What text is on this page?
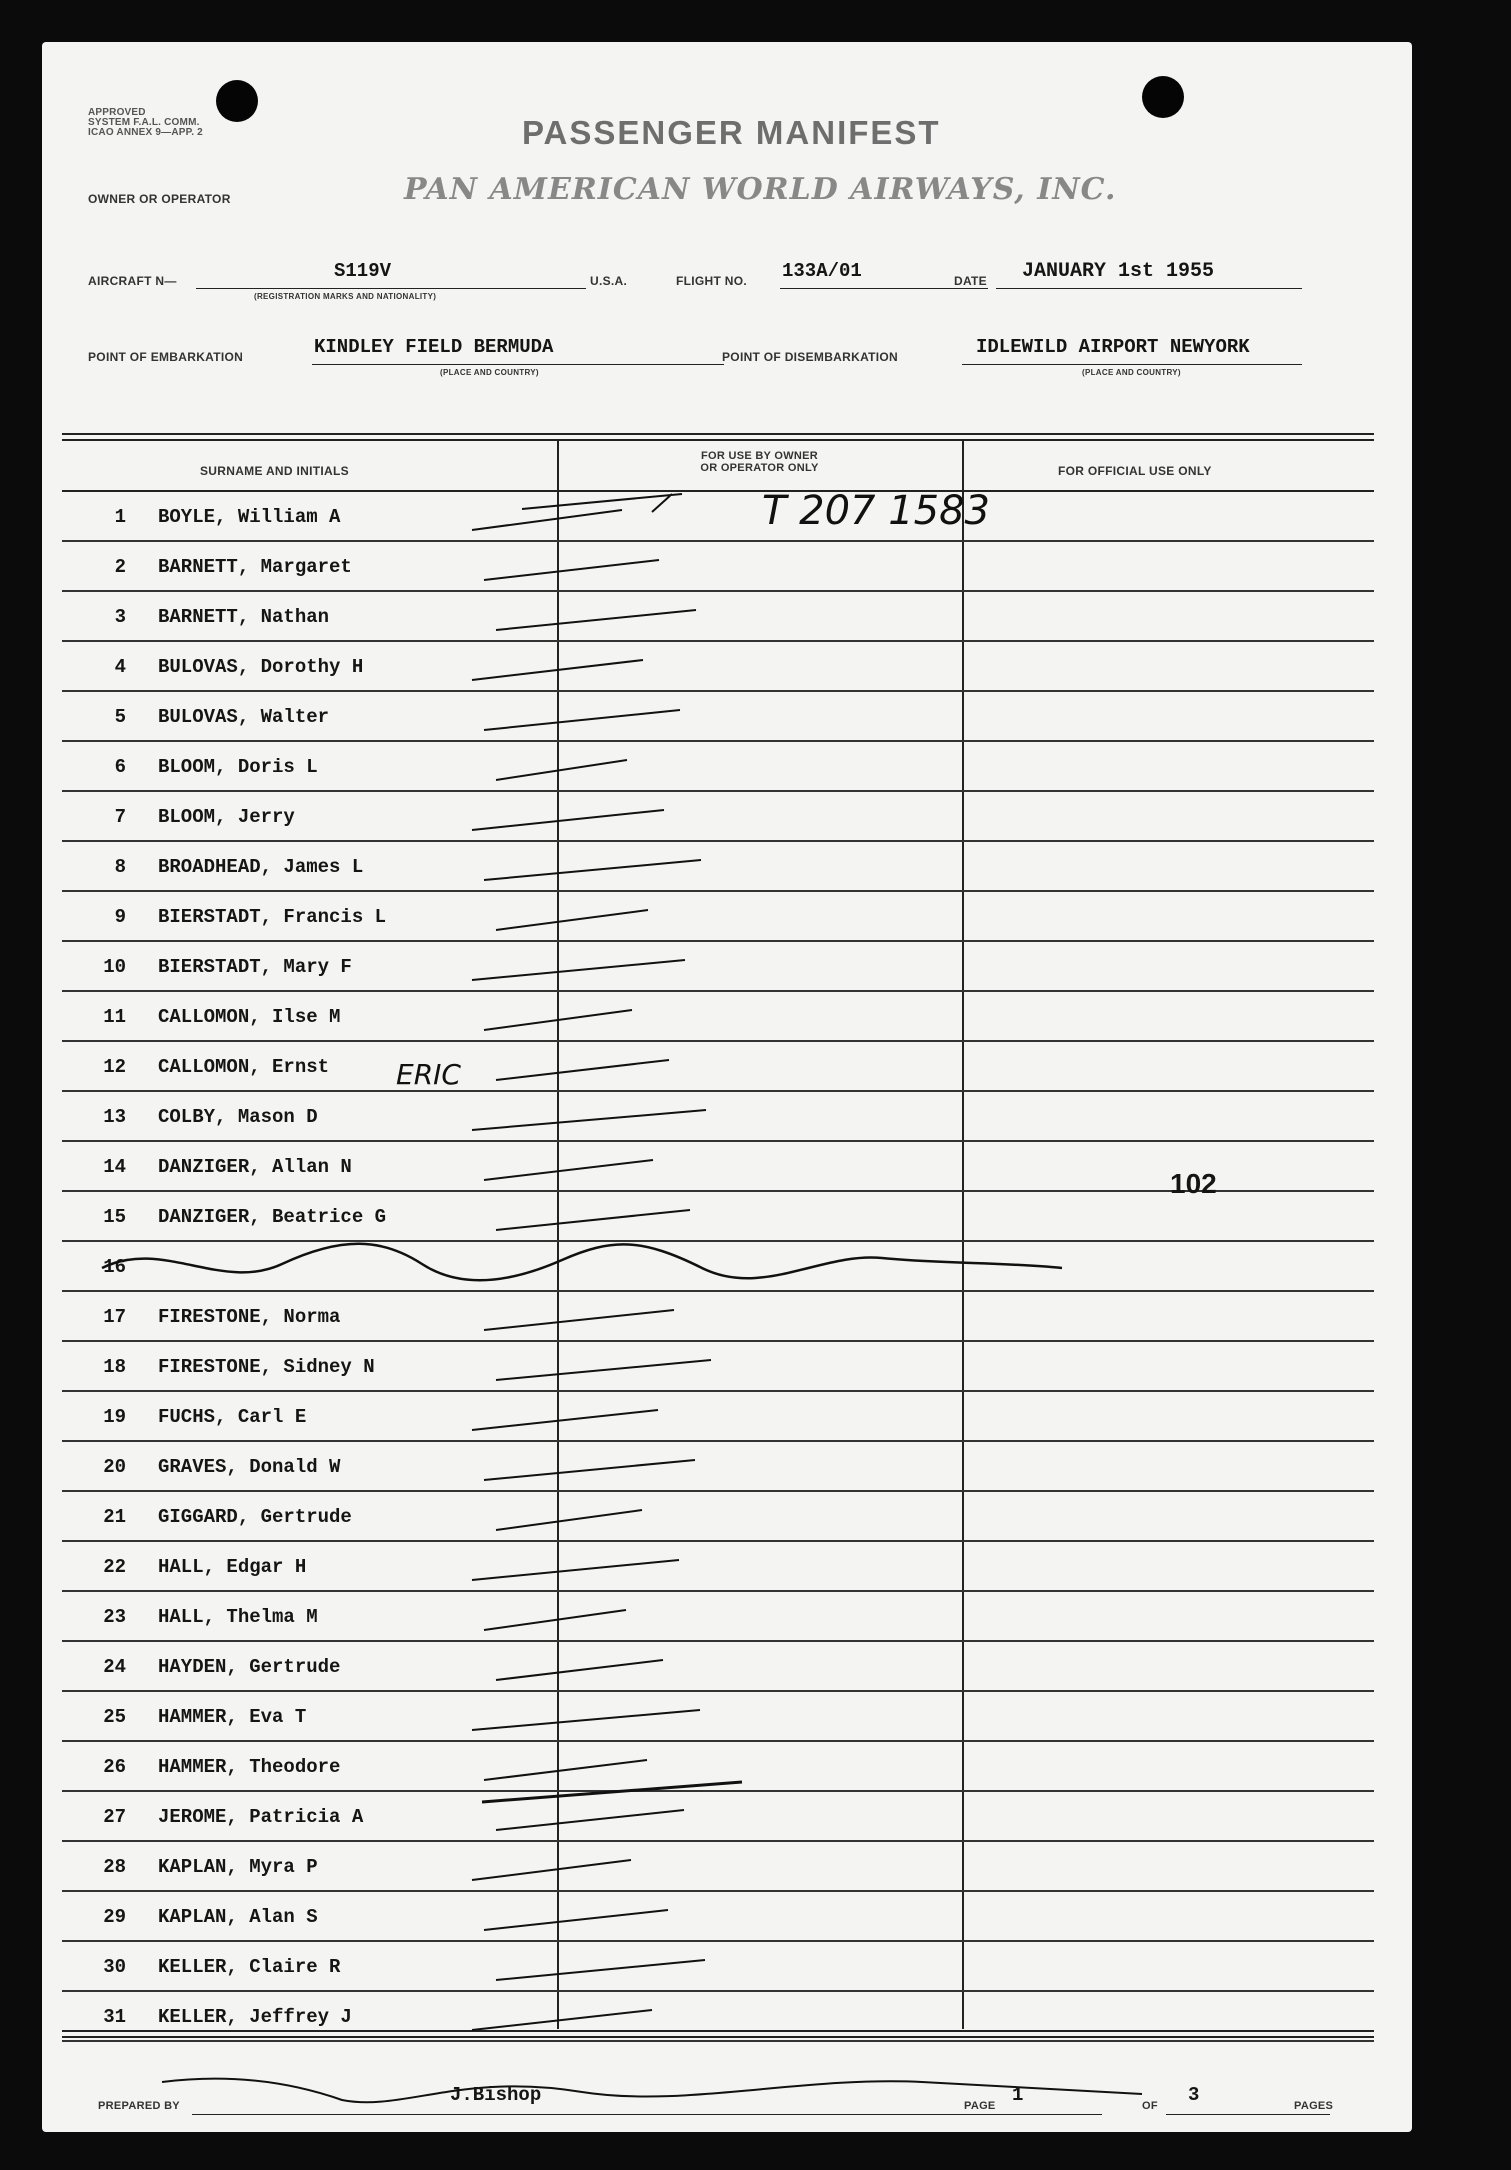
APPROVED
SYSTEM F.A.L. COMM.
ICAO ANNEX 9—APP. 2	PASSENGER MANIFEST
OWNER OR OPERATOR	PAN AMERICAN WORLD AIRWAYS, INC.
AIRCRAFT N—	S119V
(REGISTRATION MARKS AND NATIONALITY)
U.S.A.	FLIGHT NO. 133A/01	DATE JANUARY 1st 1955
POINT OF EMBARKATION	KINDLEY FIELD BERMUDA
(PLACE AND COUNTRY)
POINT OF DISEMBARKATION	IDLEWILD AIRPORT NEWYORK
(PLACE AND COUNTRY)
SURNAME AND INITIALS
FOR USE BY OWNER
OR OPERATOR ONLY	FOR OFFICIAL USE ONLY
1 BOYLE, William A
2 BARNETT, Margaret
3 BARNETT, Nathan
4 BULOVAS, Dorothy H
5 BULOVAS, Walter
6 BLOOM, Doris L
7 BLOOM, Jerry
8 BROADHEAD, James L
9 BIERSTADT, Francis L
10 BIERSTADT, Mary F
11 CALLOMON, Ilse M
12 CALLOMON, Ernst
13 COLBY, Mason D
14 DANZIGER, Allan N
15 DANZIGER, Beatrice G
16
17 FIRESTONE, Norma
18 FIRESTONE, Sidney N
19 FUCHS, Carl E
20 GRAVES, Donald W
21 GIGGARD, Gertrude
22 HALL, Edgar H
23 HALL, Thelma M
24 HAYDEN, Gertrude
25 HAMMER, Eva T
26 HAMMER, Theodore
27 JEROME, Patricia A
28 KAPLAN, Myra P
29 KAPLAN, Alan S
30 KELLER, Claire R
31 KELLER, Jeffrey J
T 207 1583
102
ERIC
PREPARED BY	J.Bishop	PAGE 1	OF 3	PAGES
